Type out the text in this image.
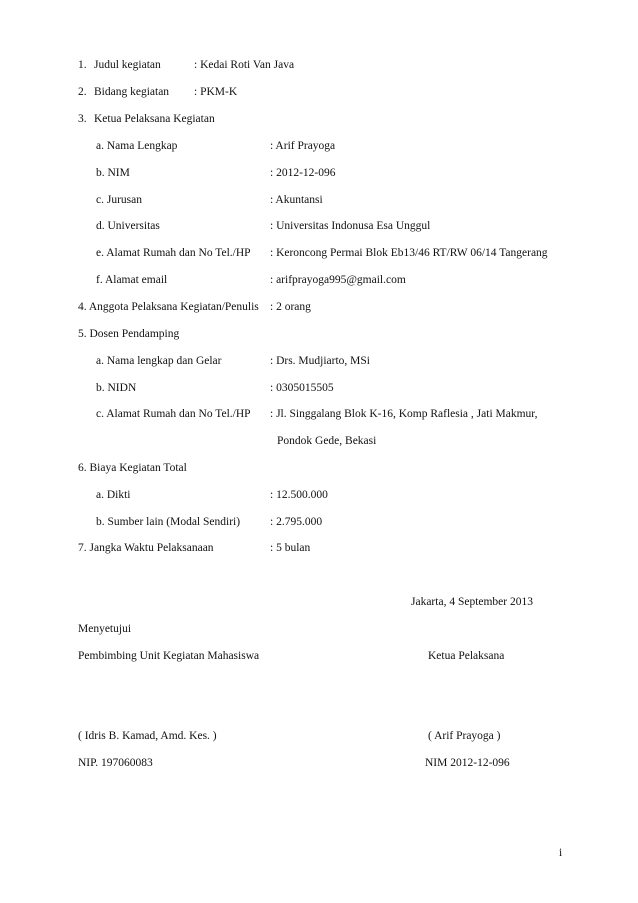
1. Judul kegiatan	: Kedai Roti Van Java
2. Bidang kegiatan : PKM-K
3. Ketua Pelaksana Kegiatan
a. Nama Lengkap	: Arif Prayoga
b. NIM	: 2012-12-096
c. Jurusan	: Akuntansi
d. Universitas	: Universitas Indonusa Esa Unggul
e. Alamat Rumah dan No Tel./HP : Keroncong Permai Blok Eb13/46 RT/RW 06/14 Tangerang
f. Alamat email	: arifprayoga995@gmail.com
4. Anggota Pelaksana Kegiatan/Penulis : 2 orang
5. Dosen Pendamping
a. Nama lengkap dan Gelar	: Drs. Mudjiarto, MSi
b. NIDN	: 0305015505
c. Alamat Rumah dan No Tel./HP : Jl. Singgalang Blok K-16, Komp Raflesia , Jati Makmur,
Pondok Gede, Bekasi
6. Biaya Kegiatan Total
a. Dikti	: 12.500.000
b. Sumber lain (Modal Sendiri)	: 2.795.000
7. Jangka Waktu Pelaksanaan	: 5 bulan
Jakarta, 4 September 2013
Menyetujui
Pembimbing Unit Kegiatan Mahasiswa	Ketua Pelaksana
( Idris B. Kamad, Amd. Kes. )	( Arif Prayoga )
NIP. 197060083	NIM 2012-12-096
i
